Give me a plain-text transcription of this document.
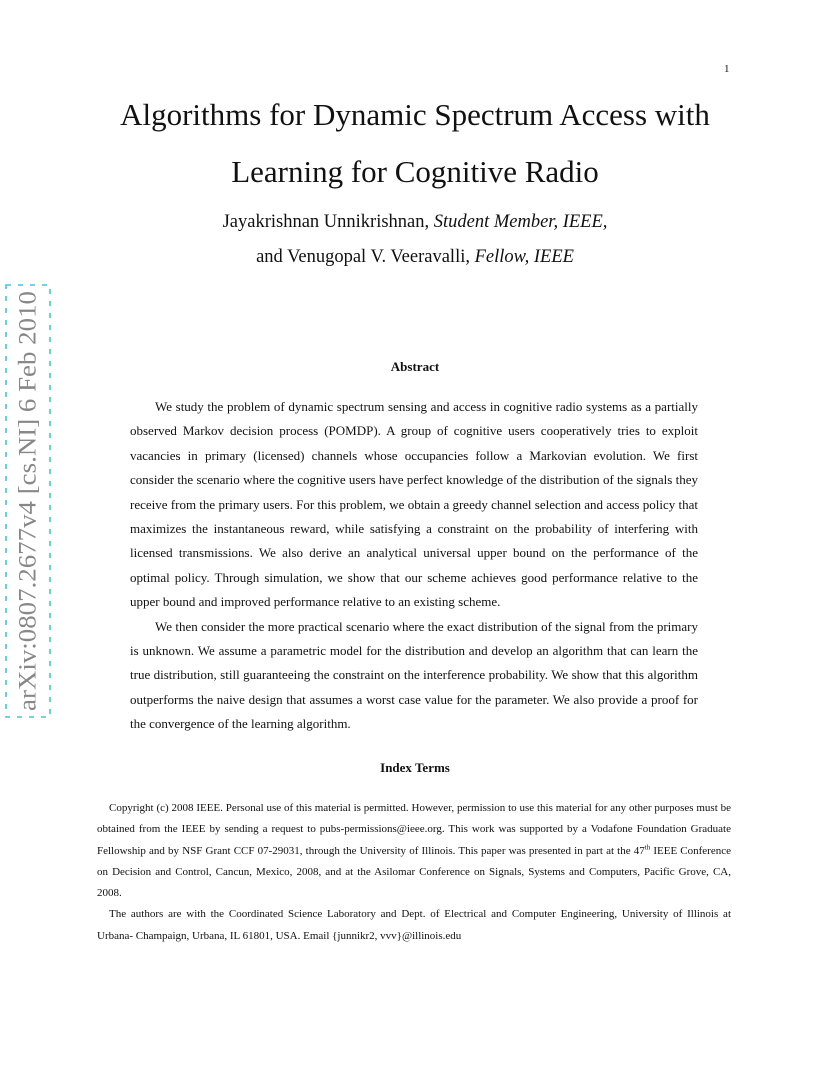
1
Algorithms for Dynamic Spectrum Access with
Learning for Cognitive Radio
Jayakrishnan Unnikrishnan, Student Member, IEEE,
and Venugopal V. Veeravalli, Fellow, IEEE
Abstract

We study the problem of dynamic spectrum sensing and access in cognitive radio systems as a partially observed Markov decision process (POMDP). A group of cognitive users cooperatively tries to exploit vacancies in primary (licensed) channels whose occupancies follow a Markovian evolution. We first consider the scenario where the cognitive users have perfect knowledge of the distribution of the signals they receive from the primary users. For this problem, we obtain a greedy channel selection and access policy that maximizes the instantaneous reward, while satisfying a constraint on the probability of interfering with licensed transmissions. We also derive an analytical universal upper bound on the performance of the optimal policy. Through simulation, we show that our scheme achieves good performance relative to the upper bound and improved performance relative to an existing scheme.

We then consider the more practical scenario where the exact distribution of the signal from the primary is unknown. We assume a parametric model for the distribution and develop an algorithm that can learn the true distribution, still guaranteeing the constraint on the interference probability. We show that this algorithm outperforms the naive design that assumes a worst case value for the parameter. We also provide a proof for the convergence of the learning algorithm.

Index Terms

Copyright (c) 2008 IEEE. Personal use of this material is permitted. However, permission to use this material for any other purposes must be obtained from the IEEE by sending a request to pubs-permissions@ieee.org. This work was supported by a Vodafone Foundation Graduate Fellowship and by NSF Grant CCF 07-29031, through the University of Illinois. This paper was presented in part at the 47th IEEE Conference on Decision and Control, Cancun, Mexico, 2008, and at the Asilomar Conference on Signals, Systems and Computers, Pacific Grove, CA, 2008.

The authors are with the Coordinated Science Laboratory and Dept. of Electrical and Computer Engineering, University of Illinois at Urbana- Champaign, Urbana, IL 61801, USA. Email {junnikr2, vvv}@illinois.edu

arXiv:0807.2677v4 [cs.NI] 6 Feb 2010
